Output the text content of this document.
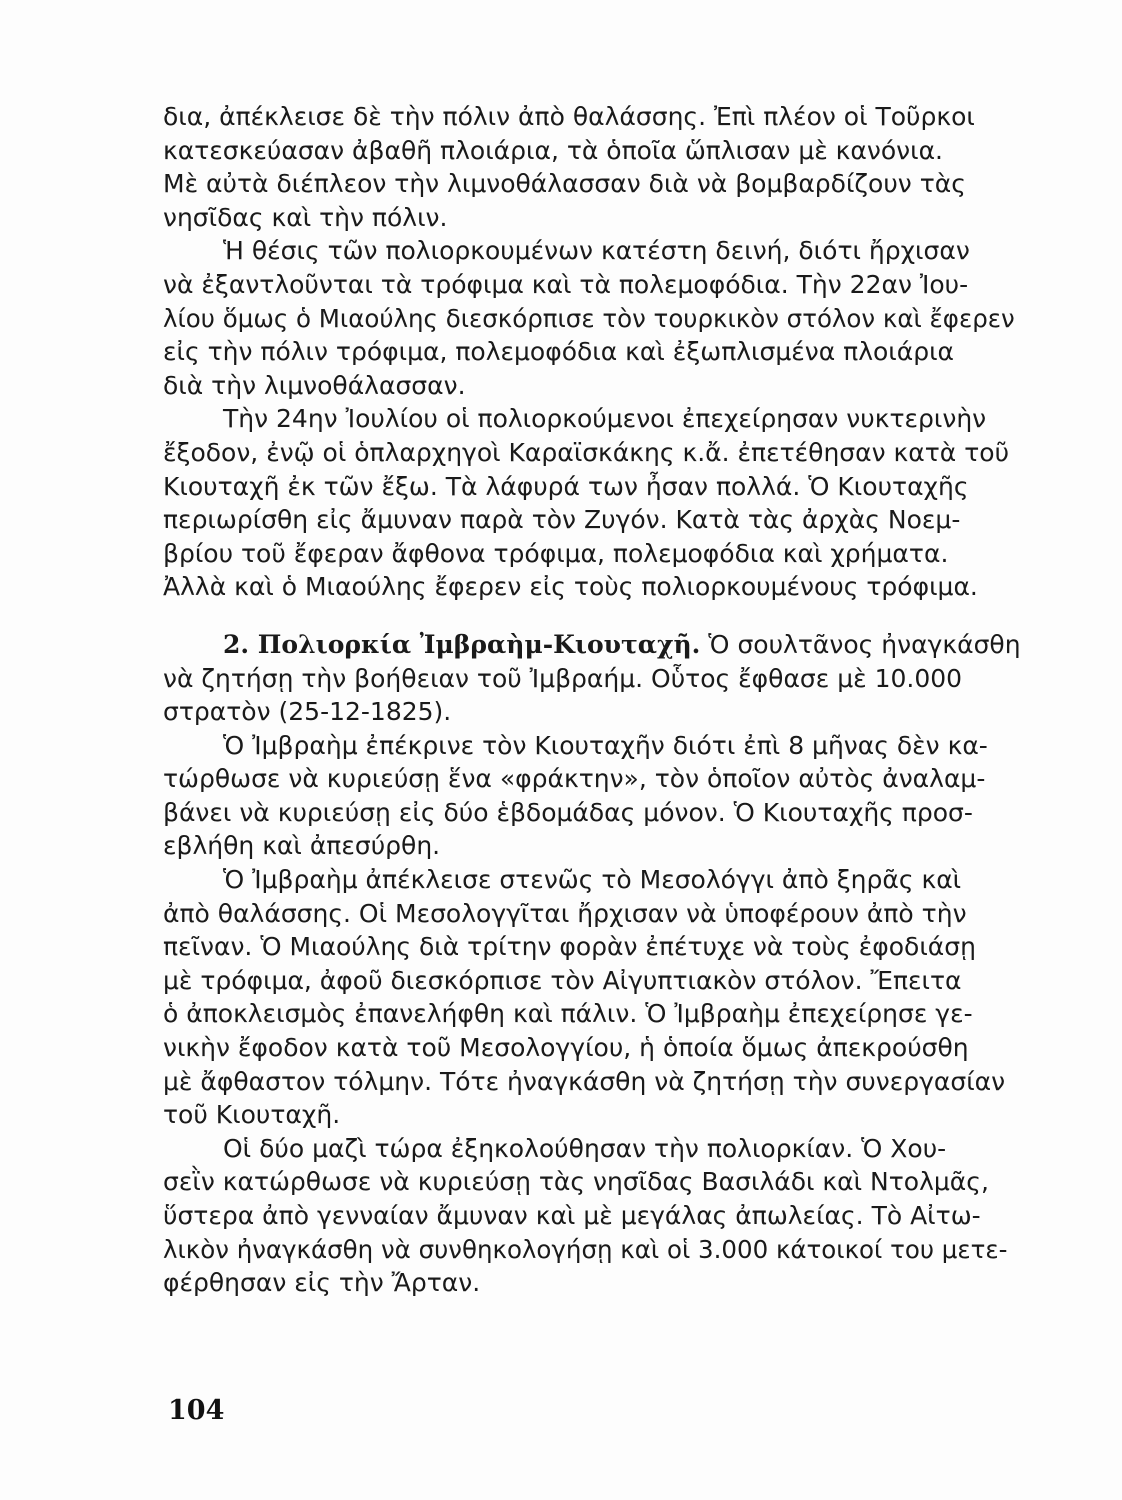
δια, ἀπέκλεισε δὲ τὴν πόλιν ἀπὸ θαλάσσης. Ἐπὶ πλέον οἱ Τοῦρκοι
κατεσκεύασαν ἀβαθῆ πλοιάρια, τὰ ὁποῖα ὥπλισαν μὲ κανόνια.
Μὲ αὐτὰ διέπλεον τὴν λιμνοθάλασσαν διὰ νὰ βομβαρδίζουν τὰς
νησῖδας καὶ τὴν πόλιν.

Ἡ θέσις τῶν πολιορκουμένων κατέστη δεινή, διότι ἤρχισαν
νὰ ἐξαντλοῦνται τὰ τρόφιμα καὶ τὰ πολεμοφόδια. Τὴν 22αν Ἰου-
λίου ὅμως ὁ Μιαούλης διεσκόρπισε τὸν τουρκικὸν στόλον καὶ ἔφερεν
εἰς τὴν πόλιν τρόφιμα, πολεμοφόδια καὶ ἐξωπλισμένα πλοιάρια
διὰ τὴν λιμνοθάλασσαν.

Τὴν 24ην Ἰουλίου οἱ πολιορκούμενοι ἐπεχείρησαν νυκτερινὴν
ἔξοδον, ἐνῷ οἱ ὁπλαρχηγοὶ Καραϊσκάκης κ.ἄ. ἐπετέθησαν κατὰ τοῦ
Κιουταχῆ ἐκ τῶν ἔξω. Τὰ λάφυρά των ἦσαν πολλά. Ὁ Κιουταχῆς
περιωρίσθη εἰς ἄμυναν παρὰ τὸν Ζυγόν. Κατὰ τὰς ἀρχὰς Νοεμ-
βρίου τοῦ ἔφεραν ἄφθονα τρόφιμα, πολεμοφόδια καὶ χρήματα.
Ἀλλὰ καὶ ὁ Μιαούλης ἔφερεν εἰς τοὺς πολιορκουμένους τρόφιμα.

2. Πολιορκία Ἰμβραὴμ-Κιουταχῆ. Ὁ σουλτᾶνος ἠναγκάσθη
νὰ ζητήσῃ τὴν βοήθειαν τοῦ Ἰμβραήμ. Οὗτος ἔφθασε μὲ 10.000
στρατὸν (25-12-1825).

Ὁ Ἰμβραὴμ ἐπέκρινε τὸν Κιουταχῆν διότι ἐπὶ 8 μῆνας δὲν κα-
τώρθωσε νὰ κυριεύσῃ ἕνα «φράκτην», τὸν ὁποῖον αὐτὸς ἀναλαμ-
βάνει νὰ κυριεύσῃ εἰς δύο ἑβδομάδας μόνον. Ὁ Κιουταχῆς προσ-
εβλήθη καὶ ἀπεσύρθη.

Ὁ Ἰμβραὴμ ἀπέκλεισε στενῶς τὸ Μεσολόγγι ἀπὸ ξηρᾶς καὶ
ἀπὸ θαλάσσης. Οἱ Μεσολογγῖται ἤρχισαν νὰ ὑποφέρουν ἀπὸ τὴν
πεῖναν. Ὁ Μιαούλης διὰ τρίτην φορὰν ἐπέτυχε νὰ τοὺς ἐφοδιάσῃ
μὲ τρόφιμα, ἀφοῦ διεσκόρπισε τὸν Αἰγυπτιακὸν στόλον. Ἔπειτα
ὁ ἀποκλεισμὸς ἐπανελήφθη καὶ πάλιν. Ὁ Ἰμβραὴμ ἐπεχείρησε γε-
νικὴν ἔφοδον κατὰ τοῦ Μεσολογγίου, ἡ ὁποία ὅμως ἀπεκρούσθη
μὲ ἄφθαστον τόλμην. Τότε ἠναγκάσθη νὰ ζητήσῃ τὴν συνεργασίαν
τοῦ Κιουταχῆ.

Οἱ δύο μαζὶ τώρα ἐξηκολούθησαν τὴν πολιορκίαν. Ὁ Χου-
σεῒν κατώρθωσε νὰ κυριεύσῃ τὰς νησῖδας Βασιλάδι καὶ Ντολμᾶς,
ὕστερα ἀπὸ γενναίαν ἄμυναν καὶ μὲ μεγάλας ἀπωλείας. Τὸ Αἰτω-
λικὸν ἠναγκάσθη νὰ συνθηκολογήσῃ καὶ οἱ 3.000 κάτοικοί του μετε-
φέρθησαν εἰς τὴν Ἄρταν.

104
